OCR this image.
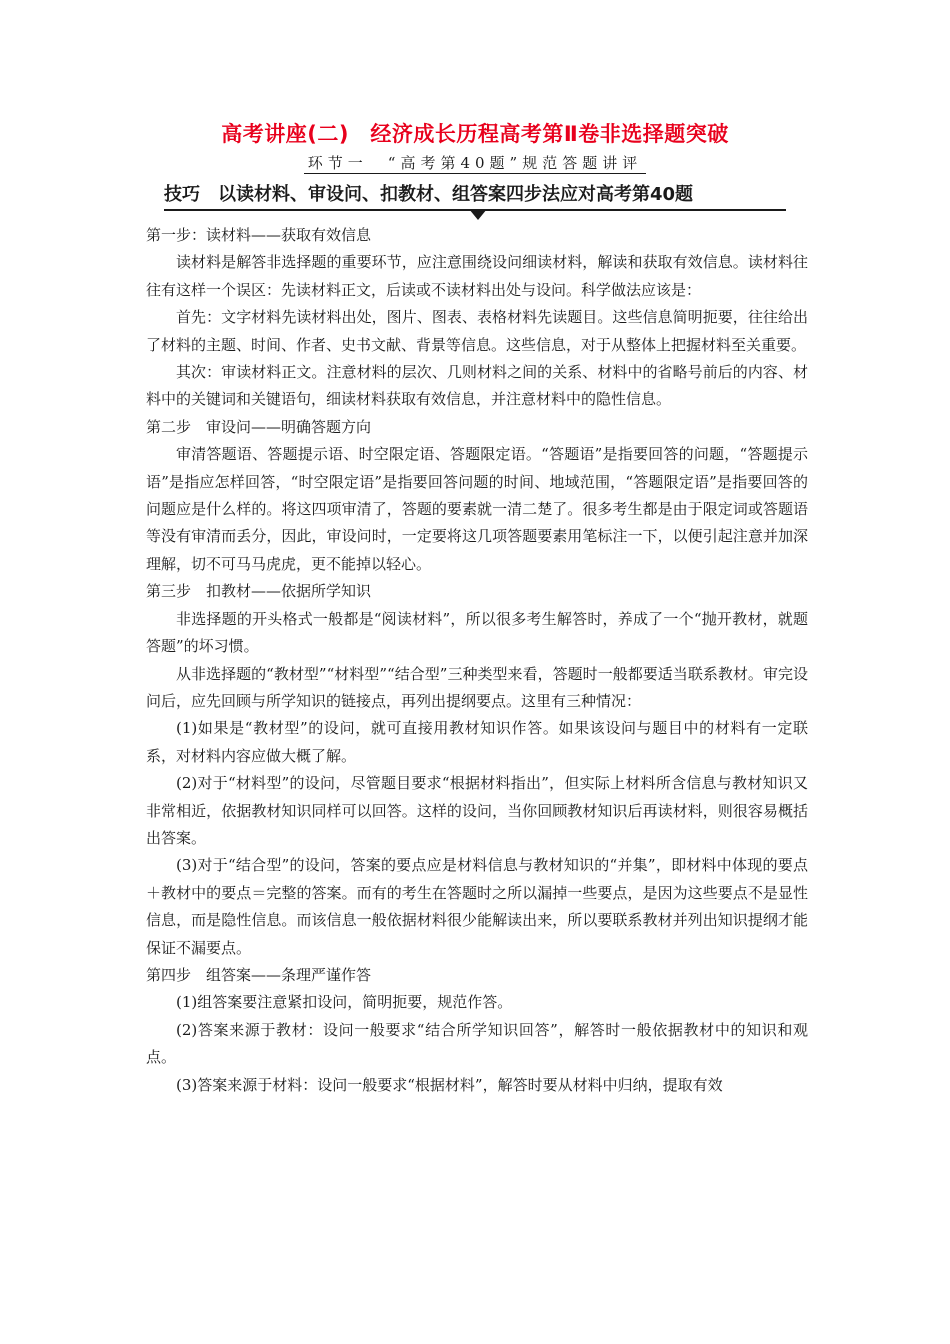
高考讲座(二)　经济成长历程高考第Ⅱ卷非选择题突破
环节一　“高考第40题”规范答题讲评
技巧 以读材料、审设问、扣教材、组答案四步法应对高考第40题

第一步：读材料——获取有效信息

读材料是解答非选择题的重要环节，应注意围绕设问细读材料，解读和获取有效信息。读材料往往有这样一个误区：先读材料正文，后读或不读材料出处与设问。科学做法应该是：

首先：文字材料先读材料出处，图片、图表、表格材料先读题目。这些信息简明扼要，往往给出了材料的主题、时间、作者、史书文献、背景等信息。这些信息，对于从整体上把握材料至关重要。

其次：审读材料正文。注意材料的层次、几则材料之间的关系、材料中的省略号前后的内容、材料中的关键词和关键语句，细读材料获取有效信息，并注意材料中的隐性信息。

第二步　审设问——明确答题方向

审清答题语、答题提示语、时空限定语、答题限定语。“答题语”是指要回答的问题，“答题提示语”是指应怎样回答，“时空限定语”是指要回答问题的时间、地域范围，“答题限定语”是指要回答的问题应是什么样的。将这四项审清了，答题的要素就一清二楚了。很多考生都是由于限定词或答题语等没有审清而丢分，因此，审设问时，一定要将这几项答题要素用笔标注一下，以便引起注意并加深理解，切不可马马虎虎，更不能掉以轻心。

第三步　扣教材——依据所学知识

非选择题的开头格式一般都是“阅读材料”，所以很多考生解答时，养成了一个“抛开教材，就题答题”的坏习惯。

从非选择题的“教材型”“材料型”“结合型”三种类型来看，答题时一般都要适当联系教材。审完设问后，应先回顾与所学知识的链接点，再列出提纲要点。这里有三种情况：

(1)如果是“教材型”的设问，就可直接用教材知识作答。如果该设问与题目中的材料有一定联系，对材料内容应做大概了解。

(2)对于“材料型”的设问，尽管题目要求“根据材料指出”，但实际上材料所含信息与教材知识又非常相近，依据教材知识同样可以回答。这样的设问，当你回顾教材知识后再读材料，则很容易概括出答案。

(3)对于“结合型”的设问，答案的要点应是材料信息与教材知识的“并集”，即材料中体现的要点＋教材中的要点＝完整的答案。而有的考生在答题时之所以漏掉一些要点，是因为这些要点不是显性信息，而是隐性信息。而该信息一般依据材料很少能解读出来，所以要联系教材并列出知识提纲才能保证不漏要点。

第四步　组答案——条理严谨作答

(1)组答案要注意紧扣设问，简明扼要，规范作答。

(2)答案来源于教材：设问一般要求“结合所学知识回答”，解答时一般依据教材中的知识和观点。

(3)答案来源于材料：设问一般要求“根据材料”，解答时要从材料中归纳，提取有效
